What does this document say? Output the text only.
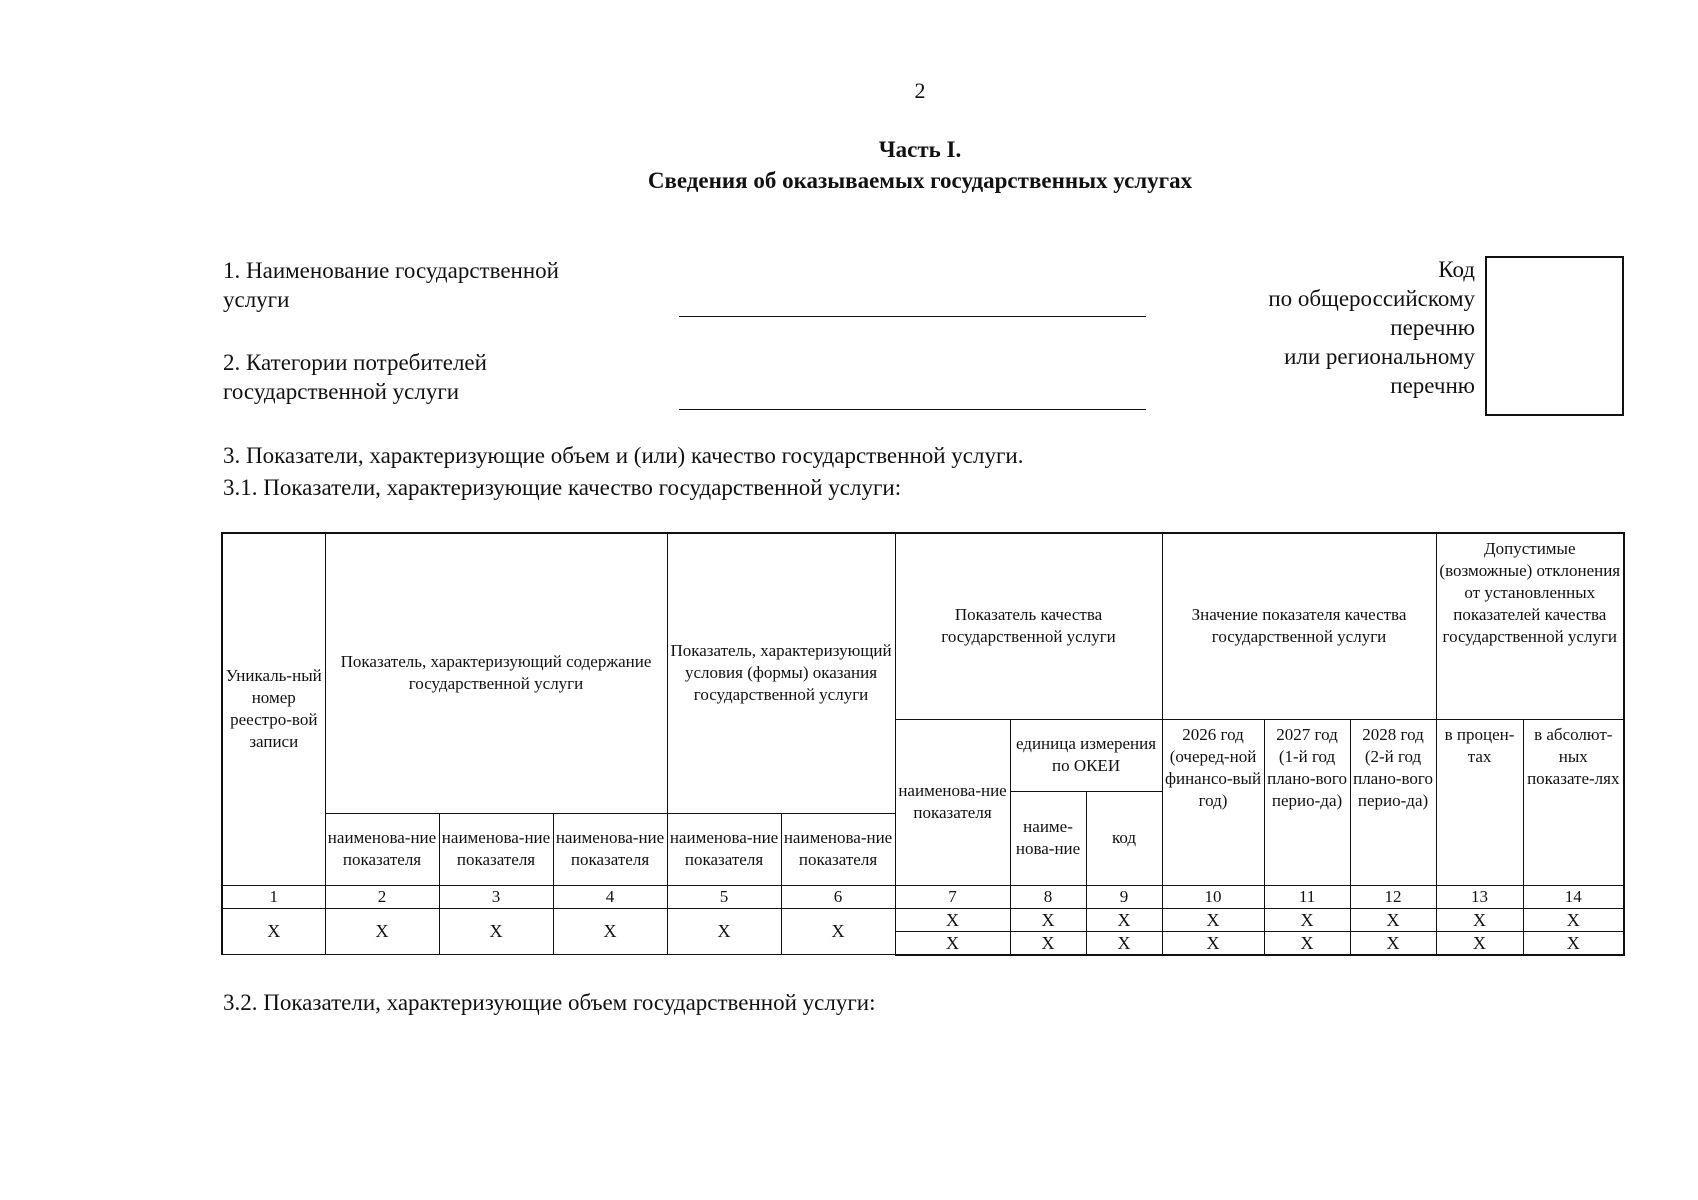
2
Часть I.
Сведения об оказываемых государственных услугах
1. Наименование государственной
услуги
2. Категории потребителей
государственной услуги
Код
по общероссийскому
перечню
или региональному
перечню
3. Показатели, характеризующие объем и (или) качество государственной услуги.
3.1. Показатели, характеризующие качество государственной услуги:
Уникаль-ный номер реестро-вой записи	Показатель, характеризующий содержание государственной услуги			Показатель, характеризующий условия (формы) оказания государственной услуги		Показатель качества государственной услуги			Значение показателя качества государственной услуги			Допустимые (возможные) отклонения от установленных показателей качества государственной услуги	
						наименова-ние показателя	единица измерения по ОКЕИ		2026 год (очеред-ной финансо-вый год)	2027 год (1-й год плано-вого перио-да)	2028 год (2-й год плано-вого перио-да)	в процен-тах	в абсолют-ных показате-лях
							наиме-нова-ние	код					
	наименова-ние показателя	наименова-ние показателя	наименова-ние показателя	наименова-ние показателя	наименова-ние показателя								
1	2	3	4	5	6	7	8	9	10	11	12	13	14
X	X	X	X	X	X	X	X	X	X	X	X	X	X
						X	X	X	X	X	X	X	X
3.2. Показатели, характеризующие объем государственной услуги:
